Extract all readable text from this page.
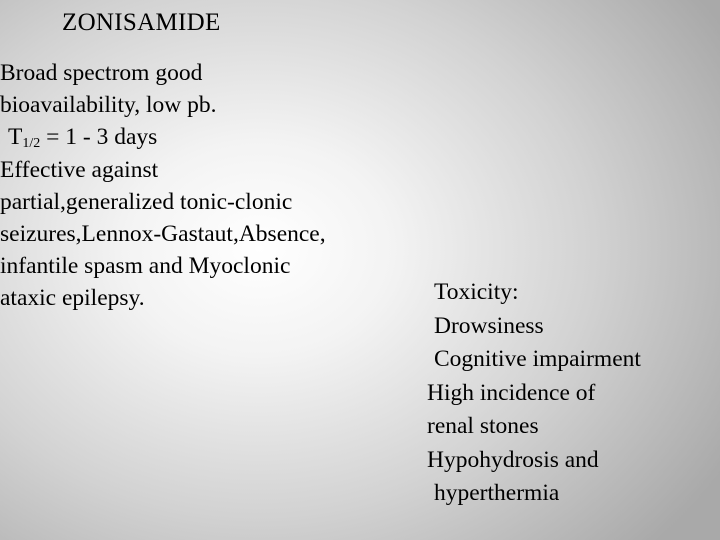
ZONISAMIDE
Broad spectrom good
bioavailability, low pb.
$T_{1/2} = 1 - 3$ days
Effective against
partial,generalized tonic-clonic
seizures,Lennox-Gastaut,Absence,
infantile spasm and Myoclonic
ataxic epilepsy.	Toxicity:
Drowsiness
Cognitive impairment
High incidence of
renal stones
Hypohydrosis and
hyperthermia
